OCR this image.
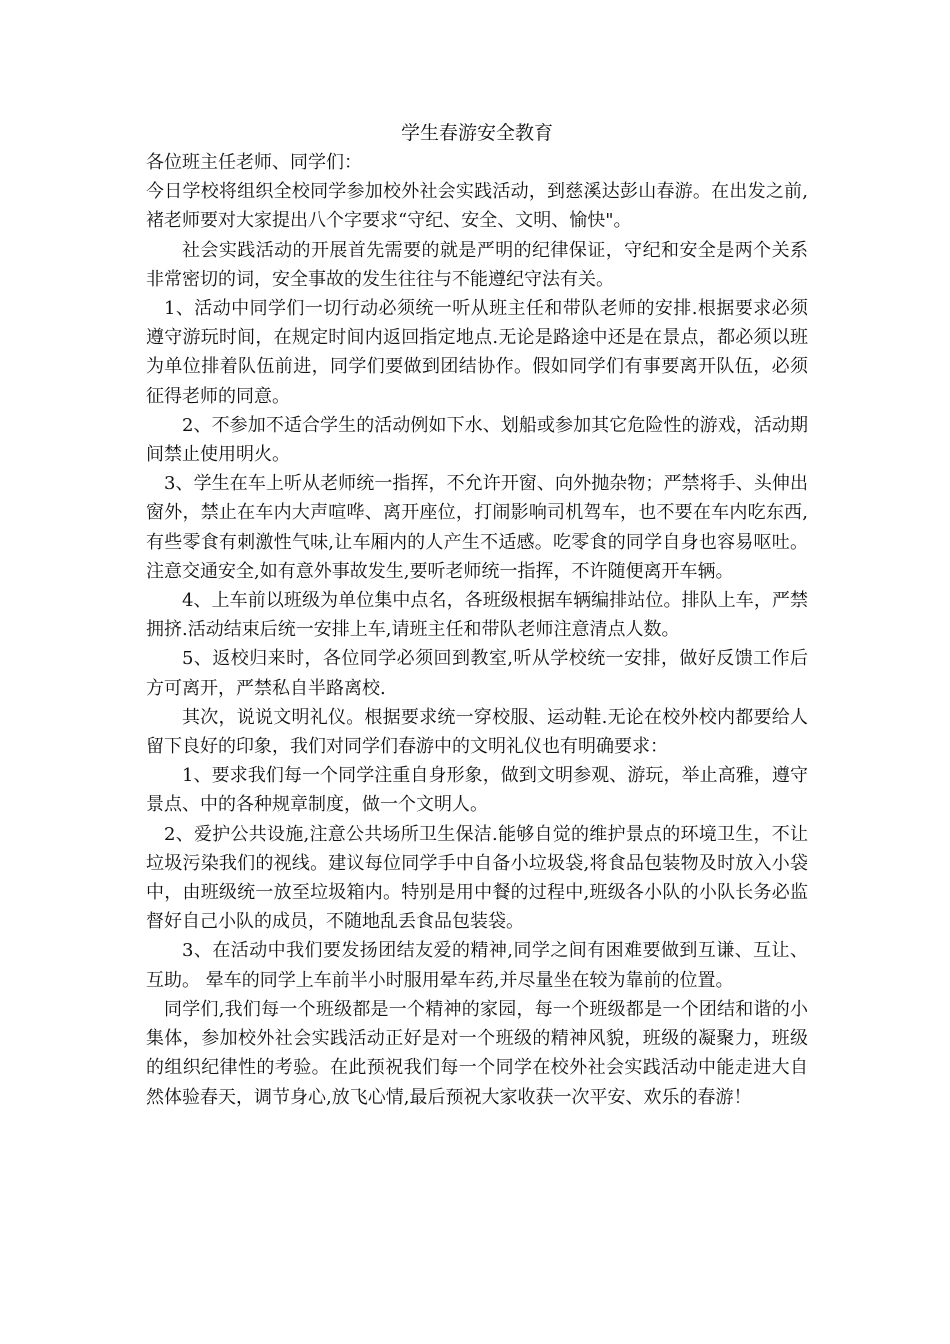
学生春游安全教育

各位班主任老师、同学们：

今日学校将组织全校同学参加校外社会实践活动，到慈溪达彭山春游。在出发之前,褚老师要对大家提出八个字要求“守纪、安全、文明、愉快"。

社会实践活动的开展首先需要的就是严明的纪律保证，守纪和安全是两个关系非常密切的词，安全事故的发生往往与不能遵纪守法有关。

1、活动中同学们一切行动必须统一听从班主任和带队老师的安排.根据要求必须遵守游玩时间，在规定时间内返回指定地点.无论是路途中还是在景点，都必须以班为单位排着队伍前进，同学们要做到团结协作。假如同学们有事要离开队伍，必须征得老师的同意。

2、不参加不适合学生的活动例如下水、划船或参加其它危险性的游戏，活动期间禁止使用明火。

3、学生在车上听从老师统一指挥，不允许开窗、向外抛杂物；严禁将手、头伸出窗外，禁止在车内大声喧哗、离开座位，打闹影响司机驾车，也不要在车内吃东西,有些零食有刺激性气味,让车厢内的人产生不适感。吃零食的同学自身也容易呕吐。注意交通安全,如有意外事故发生,要听老师统一指挥，不许随便离开车辆。

4、上车前以班级为单位集中点名，各班级根据车辆编排站位。排队上车，严禁拥挤.活动结束后统一安排上车,请班主任和带队老师注意清点人数。

5、返校归来时，各位同学必须回到教室,听从学校统一安排，做好反馈工作后方可离开，严禁私自半路离校.

其次，说说文明礼仪。根据要求统一穿校服、运动鞋.无论在校外校内都要给人留下良好的印象，我们对同学们春游中的文明礼仪也有明确要求：

1、要求我们每一个同学注重自身形象，做到文明参观、游玩，举止高雅，遵守景点、中的各种规章制度，做一个文明人。

2、爱护公共设施,注意公共场所卫生保洁.能够自觉的维护景点的环境卫生，不让垃圾污染我们的视线。建议每位同学手中自备小垃圾袋,将食品包装物及时放入小袋中，由班级统一放至垃圾箱内。特别是用中餐的过程中,班级各小队的小队长务必监督好自己小队的成员，不随地乱丢食品包装袋。

3、在活动中我们要发扬团结友爱的精神,同学之间有困难要做到互谦、互让、互助。 晕车的同学上车前半小时服用晕车药,并尽量坐在较为靠前的位置。

同学们,我们每一个班级都是一个精神的家园，每一个班级都是一个团结和谐的小集体，参加校外社会实践活动正好是对一个班级的精神风貌，班级的凝聚力，班级的组织纪律性的考验。在此预祝我们每一个同学在校外社会实践活动中能走进大自然体验春天，调节身心,放飞心情,最后预祝大家收获一次平安、欢乐的春游！
